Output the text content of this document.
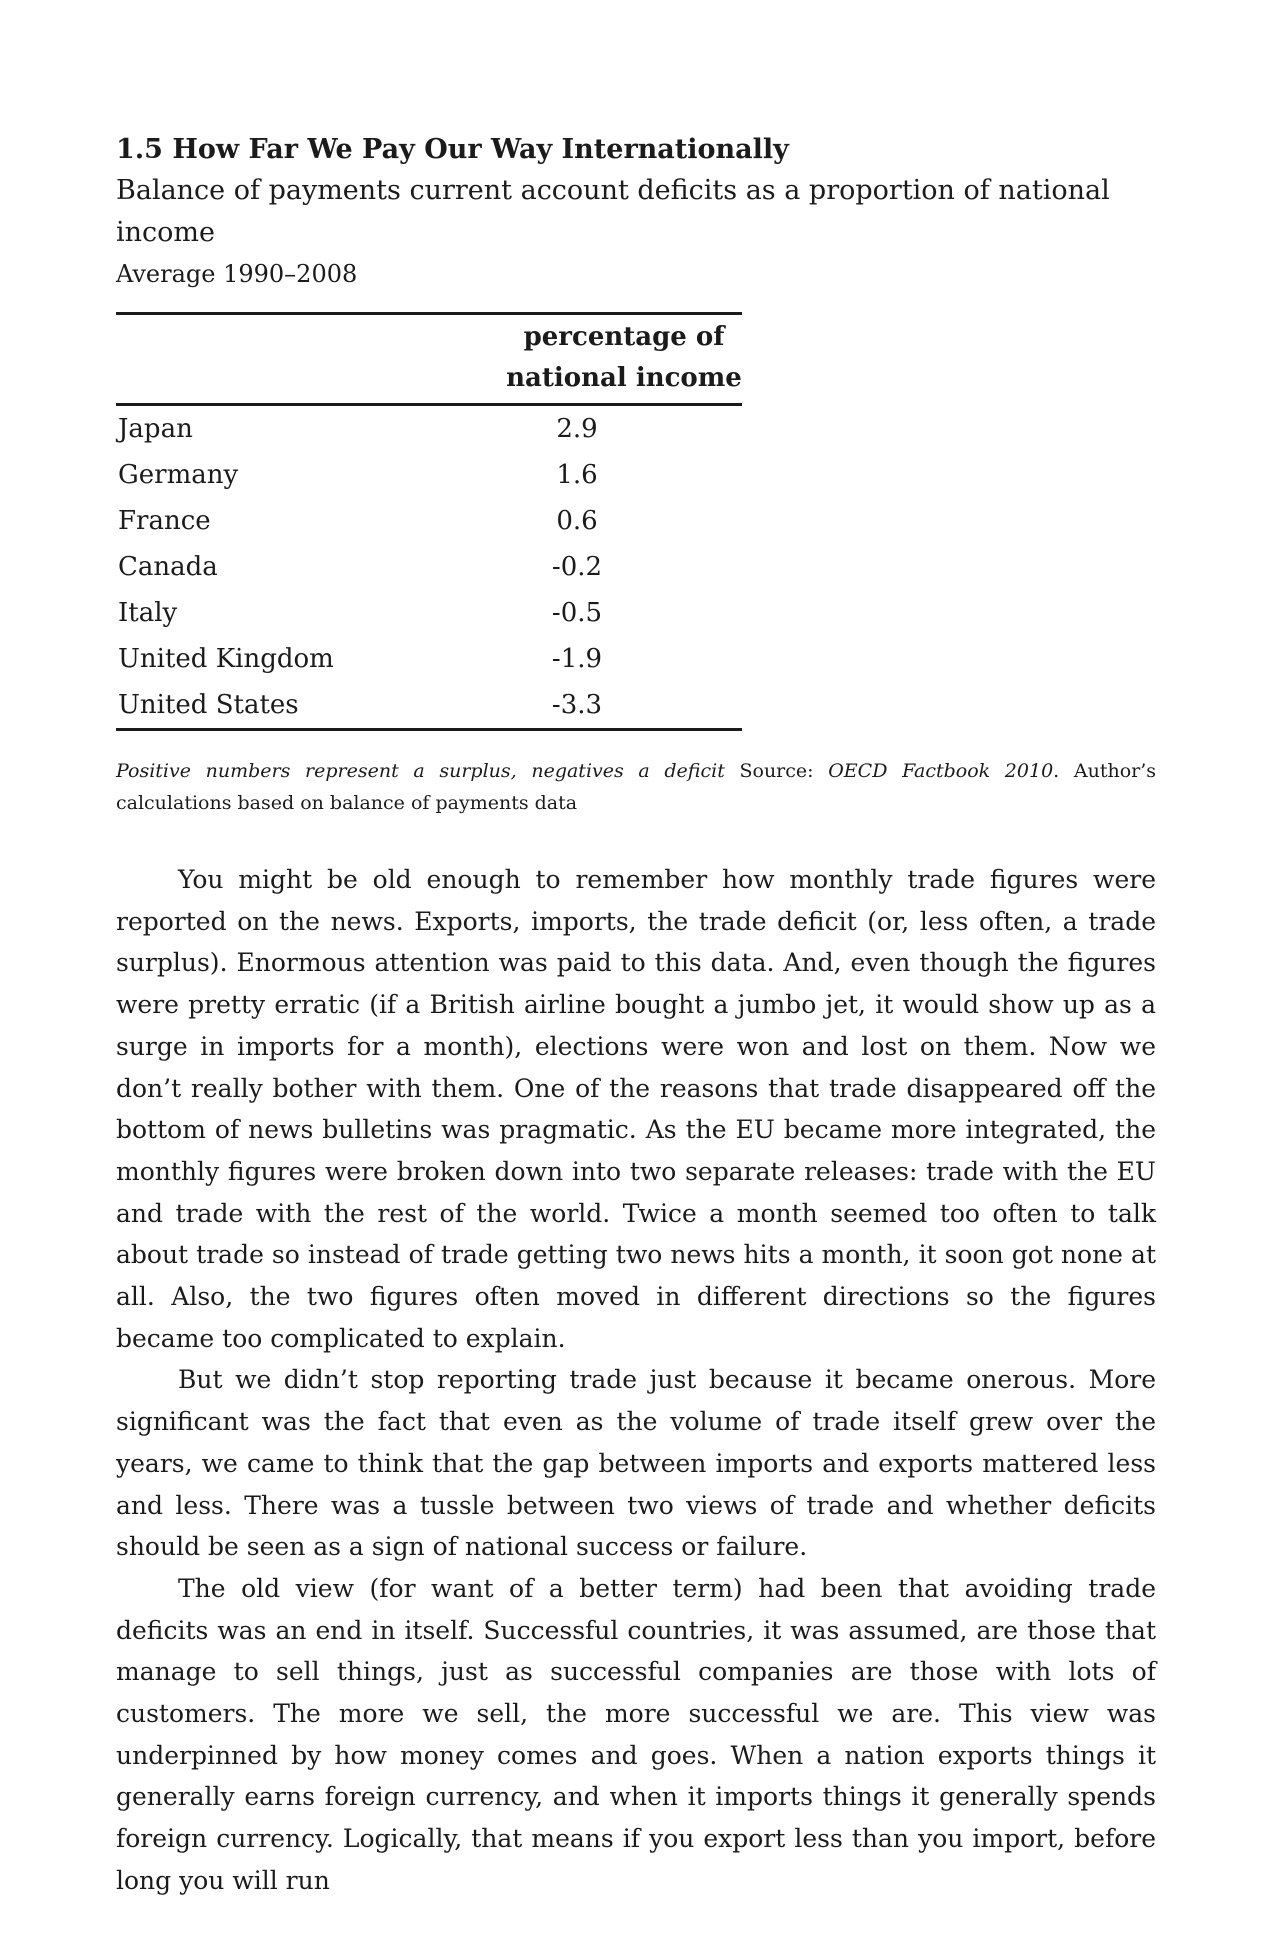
1.5 How Far We Pay Our Way Internationally

Balance of payments current account deficits as a proportion of national income

Average 1990–2008

	percentage of
national income
Japan	2.9
Germany	1.6
France	0.6
Canada	-0.2
Italy	-0.5
United Kingdom	-1.9
United States	-3.3

Positive numbers represent a surplus, negatives a deficit Source: OECD Factbook 2010. Author’s calculations based on balance of payments data

You might be old enough to remember how monthly trade figures were reported on the news. Exports, imports, the trade deficit (or, less often, a trade surplus). Enormous attention was paid to this data. And, even though the figures were pretty erratic (if a British airline bought a jumbo jet, it would show up as a surge in imports for a month), elections were won and lost on them. Now we don’t really bother with them. One of the reasons that trade disappeared off the bottom of news bulletins was pragmatic. As the EU became more integrated, the monthly figures were broken down into two separate releases: trade with the EU and trade with the rest of the world. Twice a month seemed too often to talk about trade so instead of trade getting two news hits a month, it soon got none at all. Also, the two figures often moved in different directions so the figures became too complicated to explain.

But we didn’t stop reporting trade just because it became onerous. More significant was the fact that even as the volume of trade itself grew over the years, we came to think that the gap between imports and exports mattered less and less. There was a tussle between two views of trade and whether deficits should be seen as a sign of national success or failure.

The old view (for want of a better term) had been that avoiding trade deficits was an end in itself. Successful countries, it was assumed, are those that manage to sell things, just as successful companies are those with lots of customers. The more we sell, the more successful we are. This view was underpinned by how money comes and goes. When a nation exports things it generally earns foreign currency, and when it imports things it generally spends foreign currency. Logically, that means if you export less than you import, before long you will run
